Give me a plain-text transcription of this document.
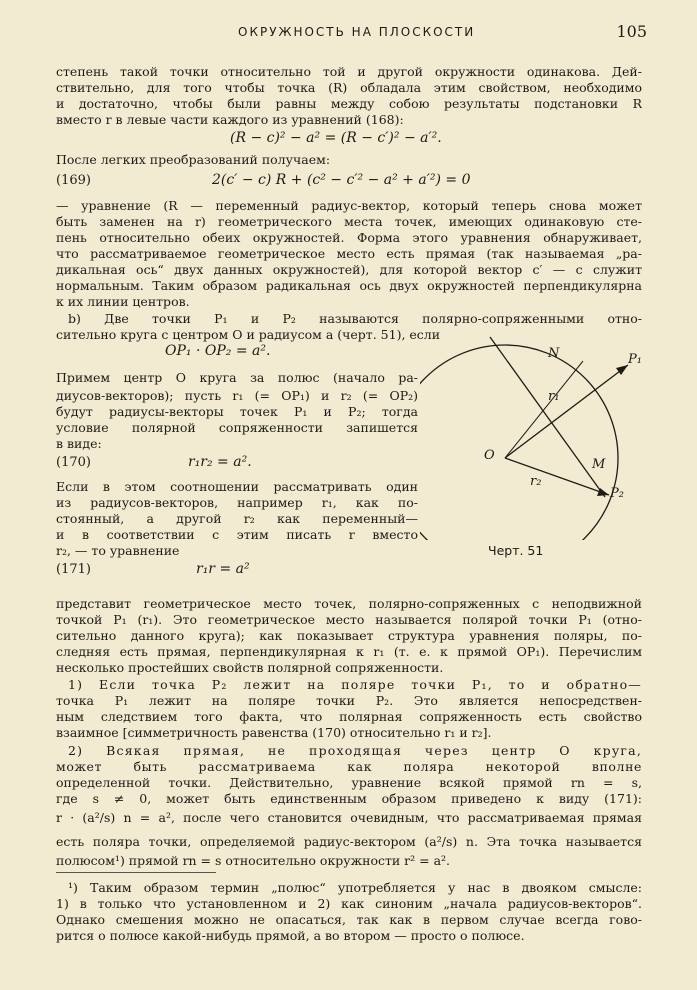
ОКРУЖНОСТЬ НА ПЛОСКОСТИ	105
степень такой точки относительно той и другой окружности одинакова. Дей-
ствительно, для того чтобы точка (R) обладала этим свойством, необходимо
и достаточно, чтобы были равны между собою результаты подстановки R
вместо r в левые части каждого из уравнений (168):
(R − c)² − a² = (R − c′)² − a′².
После легких преобразований получаем:
(169)	2(c′ − c) R + (c² − c′² − a² + a′²) = 0
— уравнение (R — переменный радиус-вектор, который теперь снова может
быть заменен на r) геометрического места точек, имеющих одинаковую сте-
пень относительно обеих окружностей. Форма этого уравнения обнаруживает,
что рассматриваемое геометрическое место есть прямая (так называемая „ра-
дикальная ось“ двух данных окружностей), для которой вектор c′ — c служит
нормальным. Таким образом радикальная ось двух окружностей перпендикулярна
к их линии центров.
b) Две точки P₁ и P₂ называются полярно-сопряженными отно-
сительно круга с центром O и радиусом a (черт. 51), если
OP₁ · OP₂ = a².
Примем центр O круга за полюс (начало ра-
диусов-векторов); пусть r₁ (= OP₁) и r₂ (= OP₂)
будут радиусы-векторы точек P₁ и P₂; тогда
условие полярной сопряженности запишется
в виде:
(170)	r₁r₂ = a².
Если в этом соотношении рассматривать один
из радиусов-векторов, например r₁, как по-
стоянный, а другой r₂ как переменный—
и в соответствии с этим писать r вместо
r₂, — то уравнение
(171)	r₁r = a²
N	P₁
r₁
O
M
r₂
P₂
Черт. 51
представит геометрическое место точек, полярно-сопряженных с неподвижной
точкой P₁ (r₁). Это геометрическое место называется полярой точки P₁ (отно-
сительно данного круга); как показывает структура уравнения поляры, по-
следняя есть прямая, перпендикулярная к r₁ (т. е. к прямой OP₁). Перечислим
несколько простейших свойств полярной сопряженности.
1) Если точка P₂ лежит на поляре точки P₁, то и обратно—
точка P₁ лежит на поляре точки P₂. Это является непосредствен-
ным следствием того факта, что полярная сопряженность есть свойство
взаимное [симметричность равенства (170) относительно r₁ и r₂].
2) Всякая прямая, не проходящая через центр O круга,
может быть рассматриваема как поляра некоторой вполне
определенной точки. Действительно, уравнение всякой прямой rn = s,
где s ≠ 0, может быть единственным образом приведено к виду (171):
r · (a²/s) n = a², после чего становится очевидным, что рассматриваемая прямая
есть поляра точки, определяемой радиус-вектором (a²/s) n. Эта точка называется
полюсом¹) прямой rn = s относительно окружности r² = a².
¹) Таким образом термин „полюс“ употребляется у нас в двояком смысле:
1) в только что установленном и 2) как синоним „начала радиусов-векторов“.
Однако смешения можно не опасаться, так как в первом случае всегда гово-
рится о полюсе какой-нибудь прямой, а во втором — просто о полюсе.
